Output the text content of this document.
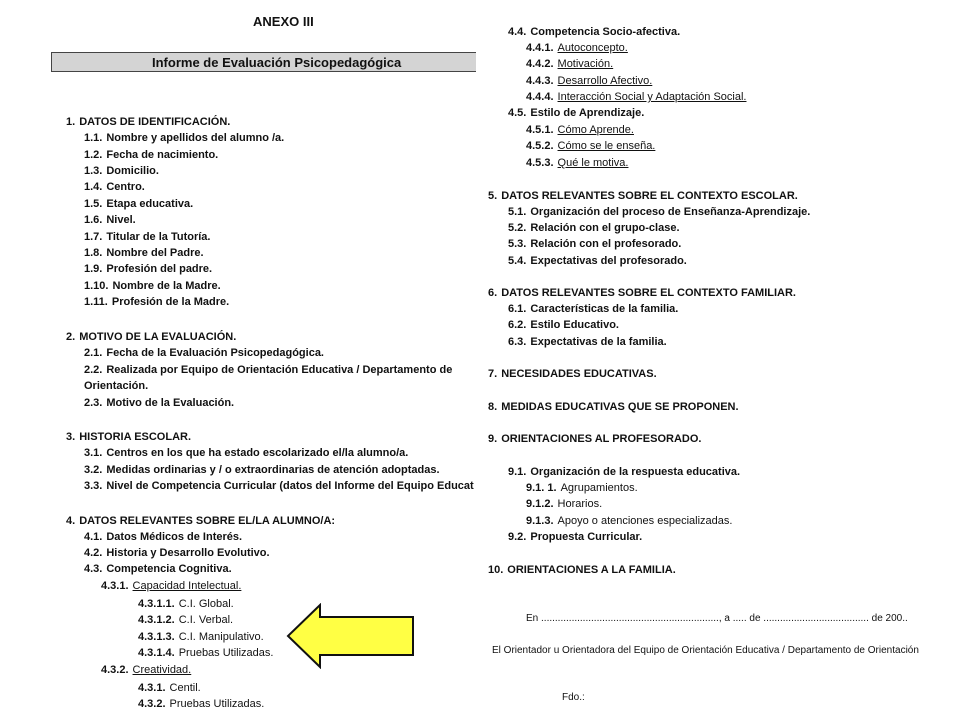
ANEXO III
Informe de Evaluación Psicopedagógica
1. DATOS DE IDENTIFICACIÓN.
1.1. Nombre y apellidos del alumno /a.
1.2. Fecha de nacimiento.
1.3. Domicilio.
1.4. Centro.
1.5. Etapa educativa.
1.6. Nivel.
1.7. Titular de la Tutoría.
1.8. Nombre del Padre.
1.9. Profesión del padre.
1.10. Nombre de la Madre.
1.11. Profesión de la Madre.
2. MOTIVO DE LA EVALUACIÓN.
2.1. Fecha de la Evaluación Psicopedagógica.
2.2. Realizada por Equipo de Orientación Educativa / Departamento de
Orientación.
2.3. Motivo de la Evaluación.
3. HISTORIA ESCOLAR.
3.1. Centros en los que ha estado escolarizado el/la alumno/a.
3.2. Medidas ordinarias y / o extraordinarias de atención adoptadas.
3.3. Nivel de Competencia Curricular (datos del Informe del Equipo Educat
4. DATOS RELEVANTES SOBRE EL/LA ALUMNO/A:
4.1. Datos Médicos de Interés.
4.2. Historia y Desarrollo Evolutivo.
4.3. Competencia Cognitiva.
4.3.1. Capacidad Intelectual.
4.3.1.1. C.I. Global.
4.3.1.2. C.I. Verbal.
4.3.1.3. C.I. Manipulativo.
4.3.1.4. Pruebas Utilizadas.
4.3.2. Creatividad.
4.3.1. Centil.
4.3.2. Pruebas Utilizadas.
4.4. Competencia Socio-afectiva.
4.4.1. Autoconcepto.
4.4.2. Motivación.
4.4.3. Desarrollo Afectivo.
4.4.4. Interacción Social y Adaptación Social.
4.5. Estilo de Aprendizaje.
4.5.1. Cómo Aprende.
4.5.2. Cómo se le enseña.
4.5.3. Qué le motiva.
5. DATOS RELEVANTES SOBRE EL CONTEXTO ESCOLAR.
5.1. Organización del proceso de Enseñanza-Aprendizaje.
5.2. Relación con el grupo-clase.
5.3. Relación con el profesorado.
5.4. Expectativas del profesorado.
6. DATOS RELEVANTES SOBRE EL CONTEXTO FAMILIAR.
6.1. Características de la familia.
6.2. Estilo Educativo.
6.3. Expectativas de la familia.
7. NECESIDADES EDUCATIVAS.
8. MEDIDAS EDUCATIVAS QUE SE PROPONEN.
9. ORIENTACIONES AL PROFESORADO.
9.1. Organización de la respuesta educativa.
9.1. 1. Agrupamientos.
9.1.2. Horarios.
9.1.3. Apoyo o atenciones especializadas.
9.2. Propuesta Curricular.
10. ORIENTACIONES A LA FAMILIA.
En ................................................................, a ..... de ...................................... de 200..
El Orientador u Orientadora del Equipo de Orientación Educativa / Departamento de Orientación
Fdo.:
